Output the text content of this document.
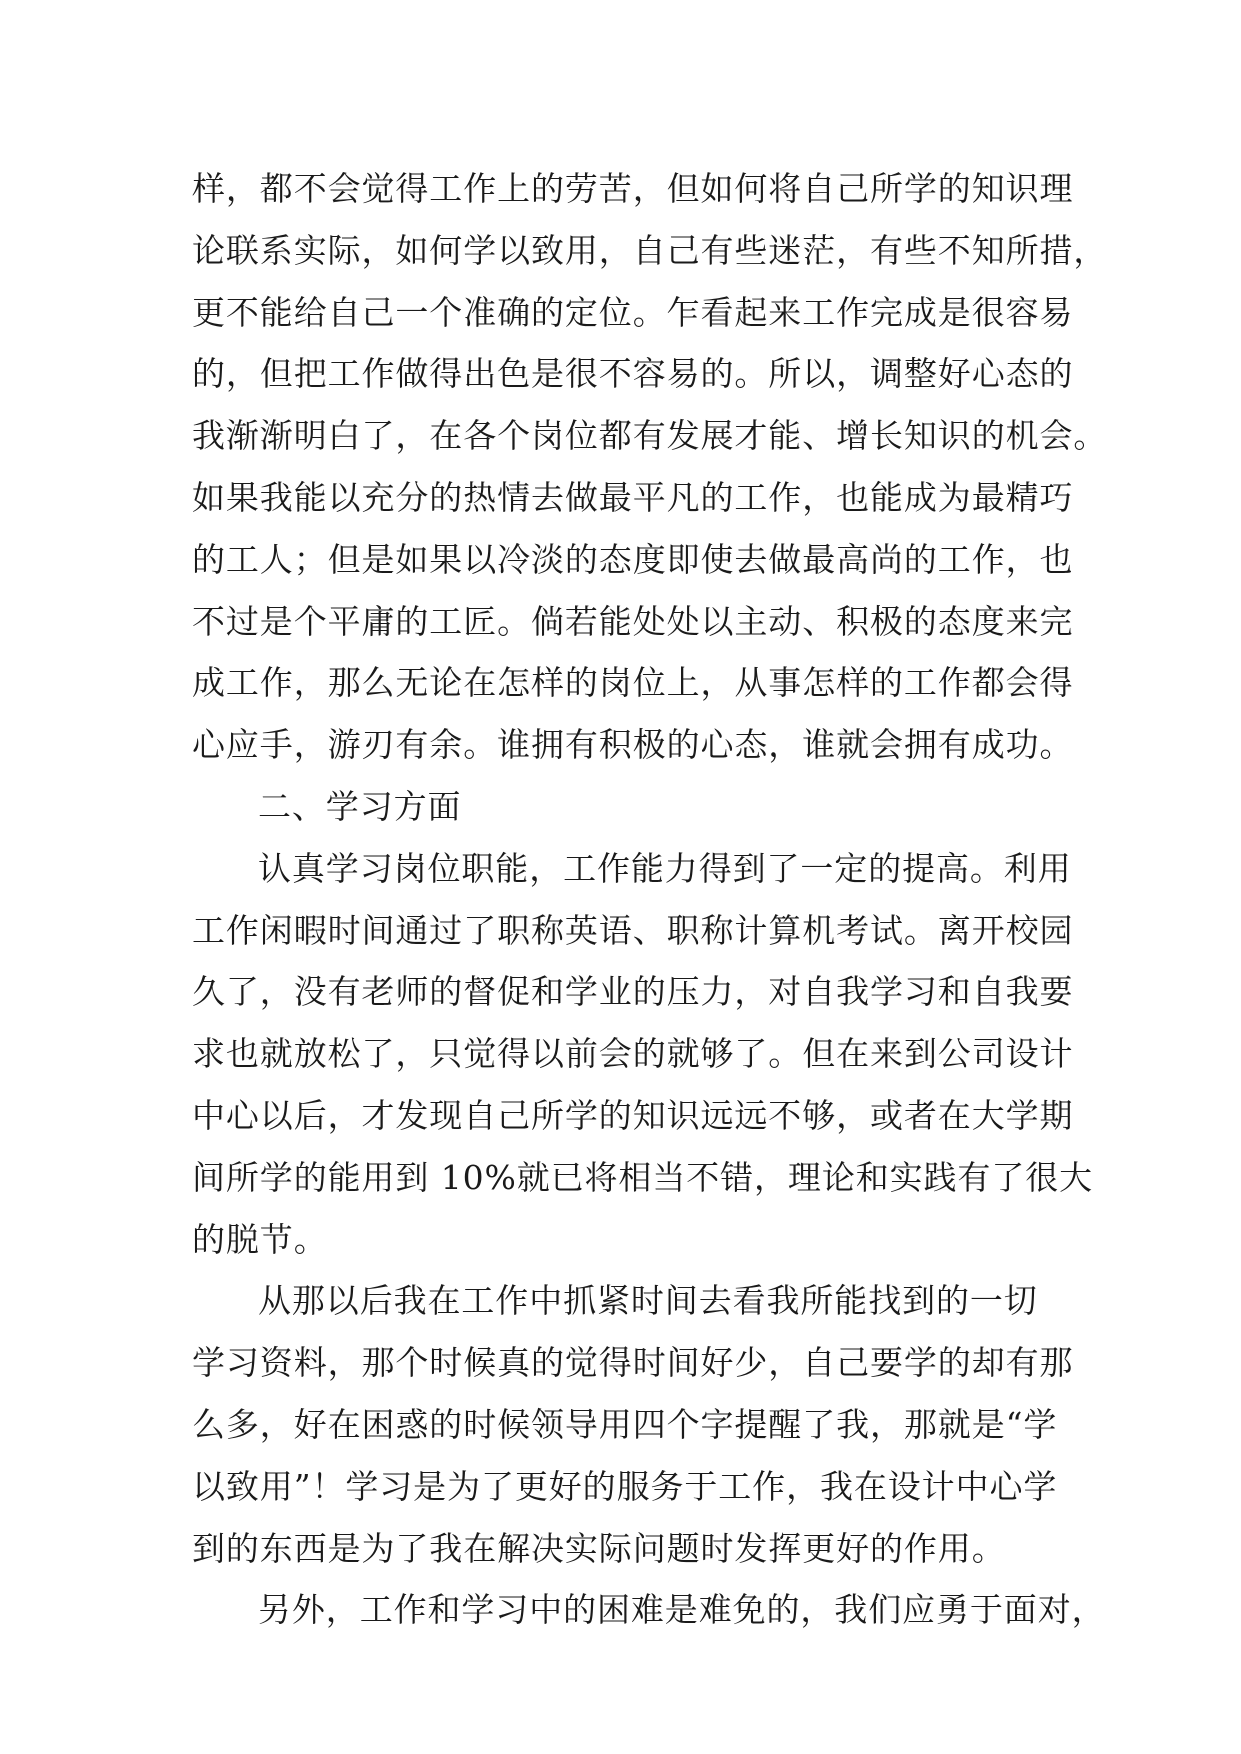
样，都不会觉得工作上的劳苦，但如何将自己所学的知识理
论联系实际，如何学以致用，自己有些迷茫，有些不知所措，
更不能给自己一个准确的定位。乍看起来工作完成是很容易
的，但把工作做得出色是很不容易的。所以，调整好心态的
我渐渐明白了，在各个岗位都有发展才能、增长知识的机会。
如果我能以充分的热情去做最平凡的工作，也能成为最精巧
的工人；但是如果以冷淡的态度即使去做最高尚的工作，也
不过是个平庸的工匠。倘若能处处以主动、积极的态度来完
成工作，那么无论在怎样的岗位上，从事怎样的工作都会得
心应手，游刃有余。谁拥有积极的心态，谁就会拥有成功。
二、学习方面
认真学习岗位职能，工作能力得到了一定的提高。利用
工作闲暇时间通过了职称英语、职称计算机考试。离开校园
久了，没有老师的督促和学业的压力，对自我学习和自我要
求也就放松了，只觉得以前会的就够了。但在来到公司设计
中心以后，才发现自己所学的知识远远不够，或者在大学期
间所学的能用到 10%就已将相当不错，理论和实践有了很大
的脱节。
从那以后我在工作中抓紧时间去看我所能找到的一切
学习资料，那个时候真的觉得时间好少，自己要学的却有那
么多，好在困惑的时候领导用四个字提醒了我，那就是“学
以致用”！学习是为了更好的服务于工作，我在设计中心学
到的东西是为了我在解决实际问题时发挥更好的作用。
另外，工作和学习中的困难是难免的，我们应勇于面对，
